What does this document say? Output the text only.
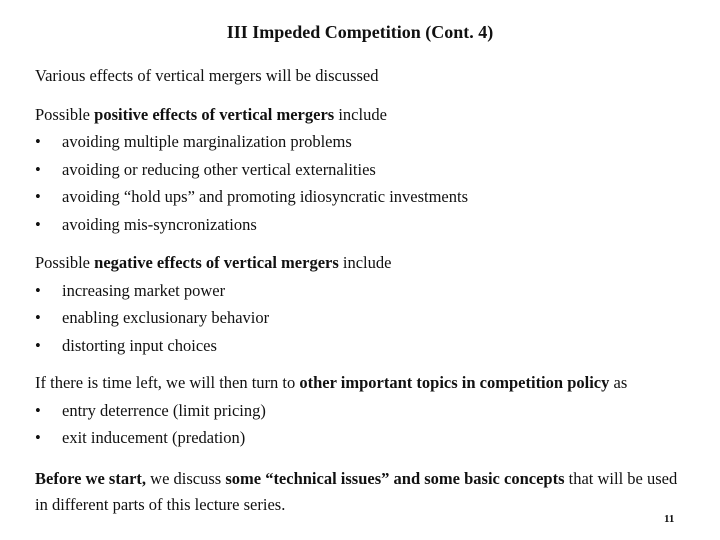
III Impeded Competition (Cont. 4)
Various effects of vertical mergers will be discussed
Possible positive effects of vertical mergers include
• avoiding multiple marginalization problems
• avoiding or reducing other vertical externalities
• avoiding “hold ups” and promoting idiosyncratic investments
• avoiding mis-syncronizations
Possible negative effects of vertical mergers include
• increasing market power
• enabling exclusionary behavior
• distorting input choices
If there is time left, we will then turn to other important topics in competition policy as
• entry deterrence (limit pricing)
• exit inducement (predation)
Before we start, we discuss some “technical issues” and some basic concepts that will be used in different parts of this lecture series.
11
